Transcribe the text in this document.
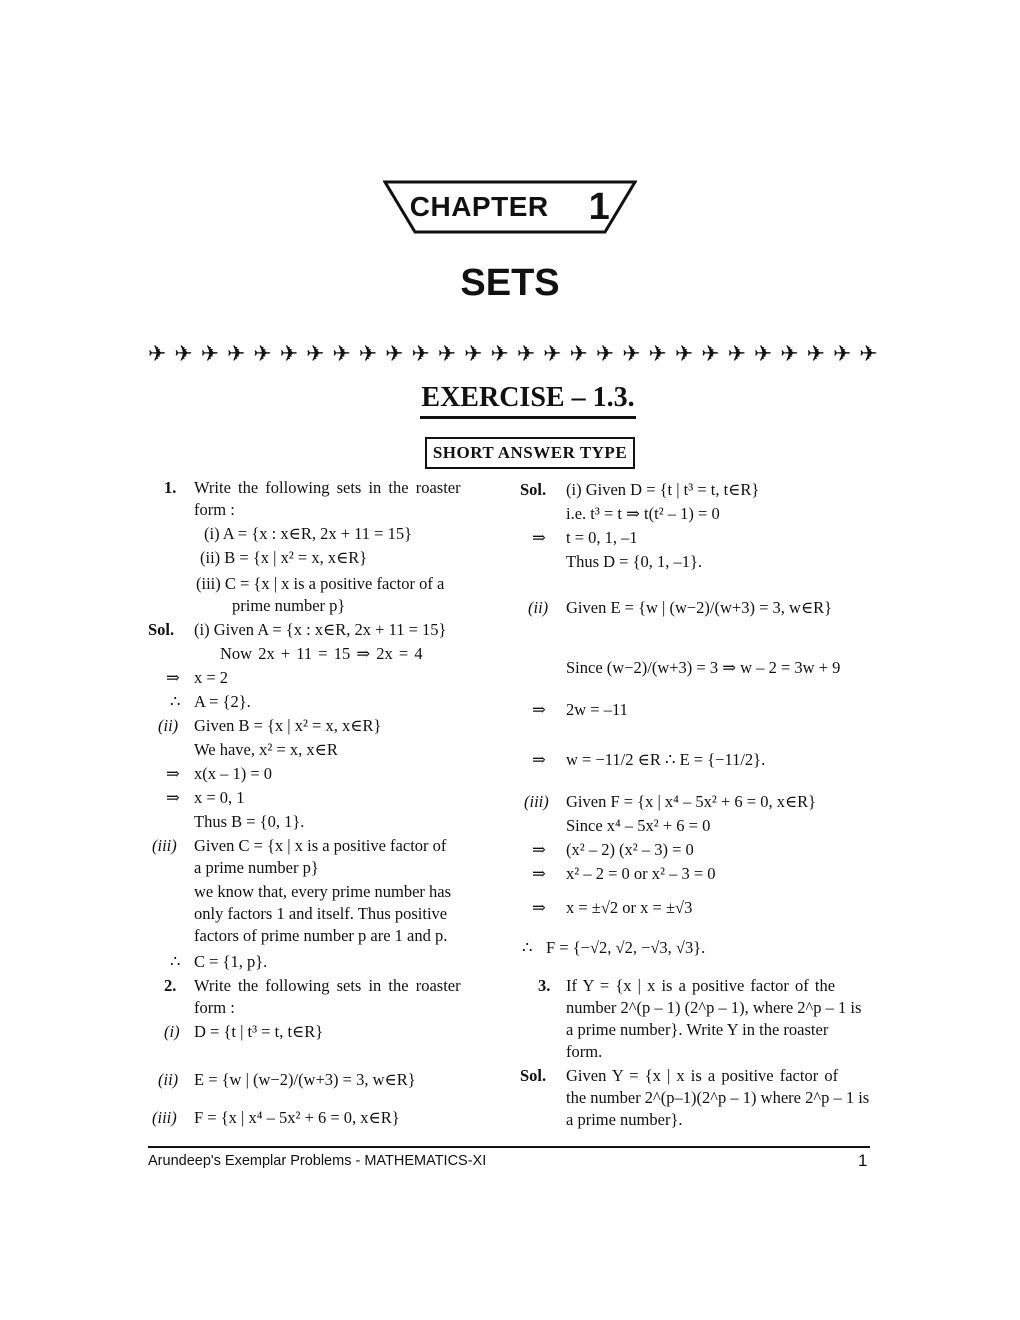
CHAPTER 1
SETS
✈ ✈ ✈ ✈ ✈ ✈ ✈ ✈ ✈ ✈ ✈ ✈ ✈ ✈ ✈ ✈ ✈ ✈ ✈ ✈ ✈ ✈ ✈ ✈ ✈ ✈ ✈ ✈
EXERCISE – 1.3.
SHORT ANSWER TYPE
1. Write the following sets in the roaster
form :
(i) A = {x : x∈R, 2x + 11 = 15}
(ii) B = {x | x² = x, x∈R}
(iii) C = {x | x is a positive factor of a
prime number p}
Sol. (i) Given A = {x : x∈R, 2x + 11 = 15}
Now 2x + 11 = 15 ⇒ 2x = 4
⇒ x = 2
∴ A = {2}.
(ii) Given B = {x | x² = x, x∈R}
We have, x² = x, x∈R
⇒ x(x – 1) = 0
⇒ x = 0, 1
Thus B = {0, 1}.
(iii) Given C = {x | x is a positive factor of
a prime number p}
we know that, every prime number has
only factors 1 and itself. Thus positive
factors of prime number p are 1 and p.
∴ C = {1, p}.
2. Write the following sets in the roaster
form :
(i) D = {t | t³ = t, t∈R}
(ii) E = {w | (w−2)/(w+3) = 3, w∈R}
(iii) F = {x | x⁴ – 5x² + 6 = 0, x∈R}
Sol. (i) Given D = {t | t³ = t, t∈R}
i.e. t³ = t ⇒ t(t² – 1) = 0
⇒ t = 0, 1, –1
Thus D = {0, 1, –1}.
(ii) Given E = {w | (w−2)/(w+3) = 3, w∈R}
Since (w−2)/(w+3) = 3 ⇒ w – 2 = 3w + 9
⇒ 2w = –11
⇒ w = −11/2 ∈R ∴ E = {−11/2}.
(iii) Given F = {x | x⁴ – 5x² + 6 = 0, x∈R}
Since x⁴ – 5x² + 6 = 0
⇒ (x² – 2) (x² – 3) = 0
⇒ x² – 2 = 0 or x² – 3 = 0
⇒ x = ±√2 or x = ±√3
∴ F = {−√2, √2, −√3, √3}.
3. If Y = {x | x is a positive factor of the
number 2^(p – 1) (2^p – 1), where 2^p – 1 is
a prime number}. Write Y in the roaster
form.
Sol. Given Y = {x | x is a positive factor of
the number 2^(p–1)(2^p – 1) where 2^p – 1 is
a prime number}.
Arundeep's Exemplar Problems - MATHEMATICS-XI	1
